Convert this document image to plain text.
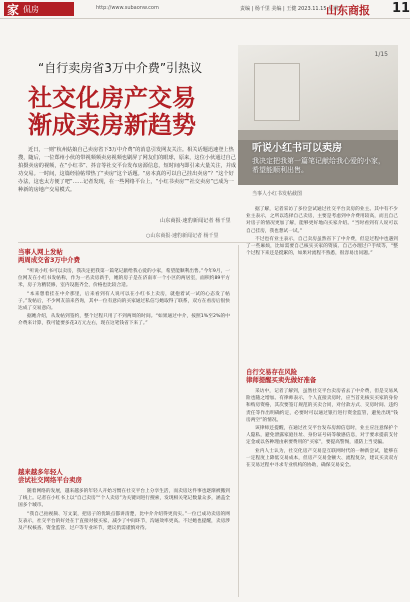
家 侃房	http://www.subaonw.com	责编 | 杨千里 美编 | 王健 2023.11.15 星期三
山东商报 11
“自行卖房省3万中介费”引热议
社交化房产交易
渐成卖房新趋势
近日，一则“杭州姑娘自己卖房省下3万中介费”的消息引发网友关注。相关话题迅速登上热搜，随后，一位郑州小伙的带视频频卖房视频也刷屏了网友们的眼球，原来，这位小伙通过自己拍摄卖房的视频，在“小红书”、抖音等社交平台发布房源信息，短时间内即引来大量关注，并成功交易。一时间，这篇经验帖带热了“卖房”这个话题。“房本真的可以自己挂出卖房”？“这个好办法，这也太方便了吧”……记者发现，在一些网络平台上，“小红书卖房”“社交卖房”已成为一种新的房地产交易模式。
山东商报·速豹新闻记者 杨千里
○山东商报·速豹新闻记者 杨千里
1/15
听说小红书可以卖房
我决定把我第一篇笔记献给我心爱的小家，希望能顺利出售。
当事人小红书发帖截图
当事人网上发帖
两周成交省3万中介费

“听说小红书可以卖房，我决定把我第一篇笔记献给我心爱的小家，希望能顺利出售。”今年9月，一位网友在小红书发帖称，作为一名卖房新手，她的房子是在济南市一个小区的两居室，面积约89平方米，房子为精装修，室内设施齐全，价格也比较合适。

“本来想着挂在中介那里，后来看到有人说可以在小红书上卖房，就抱着试一试的心态发了帖子。”发帖后，不少网友前来咨询，其中一位有意向的买家通过私信与她取得了联系，双方在看房后很快达成了交易意向。

据她介绍，从发帖到签约，整个过程只用了不到两周的时间。“如果通过中介，按照1%至2%的中介费来计算，我可能要多花3万元左右，现在这笔钱省下来了。”

越来越多年轻人
尝试社交网络平台卖房

随着网络的发展，越来越多的年轻人开始习惯在社交平台上分享生活，而卖房这件事也逐渐被搬到了线上。记者在小红书上以“自己卖房”“个人卖房”为关键词进行搜索，发现相关笔记数量众多，涵盖全国多个城市。

“我自己拍视频、写文案，把房子的优缺点都讲清楚，比中介介绍得更真实。”一位已成功卖房的网友表示，社交平台的好处在于直接对接买家，减少了中间环节，沟通效率更高。不过她也提醒，卖房涉及产权核查、资金监管、过户等专业环节，建议仍需谨慎对待。

据了解，记者采访了多位尝试通过社交平台卖房的业主。其中有不少业主表示，之所以选择自己卖房，主要是考虑到中介费用较高，而且自己对房子的情况更加了解，能够更好地向买家介绍。“当时看到有人说可以自己挂房，我也想试一试。”

不过也有业主表示，自己卖房虽然省下了中介费，但是过程中也遇到了一些麻烦，比如需要自己核实买家的资质、自己办理过户手续等，“整个过程下来还是挺累的，如果对流程不熟悉，很容易出问题。”

自行交易存在风险
律师提醒买卖先做好准备

采访中，记者了解到，虽然社交平台卖房省去了中介费，但是交易风险也随之增加。有律师表示，个人直接卖房时，应当首先核实买家的身份和购房资格，其次要签订规范的买卖合同，对付款方式、交房时间、违约责任等作出明确约定，必要时可以通过银行进行资金监管，避免出现“钱房两空”的情况。

该律师还提醒，在通过社交平台发布房源信息时，业主应注意保护个人隐私，避免泄露家庭住址、身份证号码等敏感信息，对于要求提前支付定金或以各种理由索要费用的“买家”，要提高警惕，谨防上当受骗。

业内人士认为，社交化房产交易是互联网时代的一种新尝试，能够在一定程度上降低交易成本，但房产交易金额大、流程复杂，建议买卖双方在交易过程中寻求专业机构的协助，确保交易安全。
